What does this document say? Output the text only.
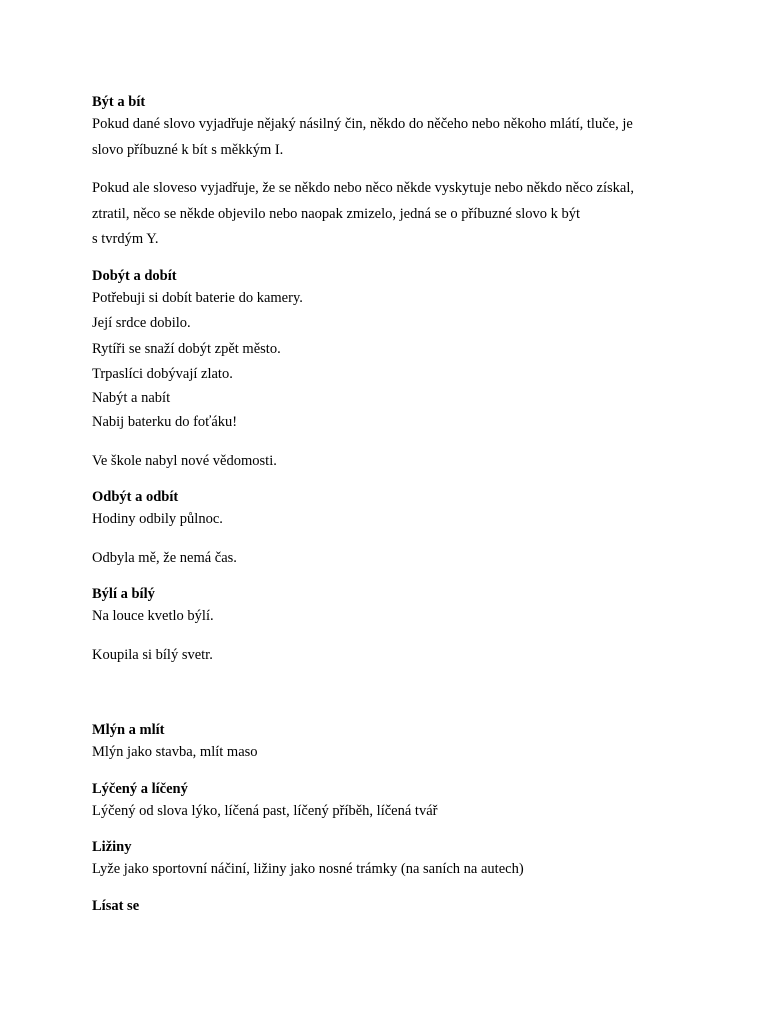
Být a bít

Pokud dané slovo vyjadřuje nějaký násilný čin, někdo do něčeho nebo někoho mlátí, tluče, je

slovo příbuzné k bít s měkkým I.

Pokud ale sloveso vyjadřuje, že se někdo nebo něco někde vyskytuje nebo někdo něco získal,

ztratil, něco se někde objevilo nebo naopak zmizelo, jedná se o příbuzné slovo k být

s tvrdým Y.

Dobýt a dobít

Potřebuji si dobít baterie do kamery.

Její srdce dobilo.

Rytíři se snaží dobýt zpět město.

Trpaslíci dobývají zlato.

Nabýt a nabít

Nabij baterku do foťáku!

Ve škole nabyl nové vědomosti.

Odbýt a odbít

Hodiny odbily půlnoc.

Odbyla mě, že nemá čas.

Býlí a bílý

Na louce kvetlo býlí.

Koupila si bílý svetr.

Mlýn a mlít

Mlýn jako stavba, mlít maso

Lýčený a líčený

Lýčený od slova lýko, líčená past, líčený příběh, líčená tvář

Ližiny

Lyže jako sportovní náčiní, ližiny jako nosné trámky (na saních na autech)

Lísat se
